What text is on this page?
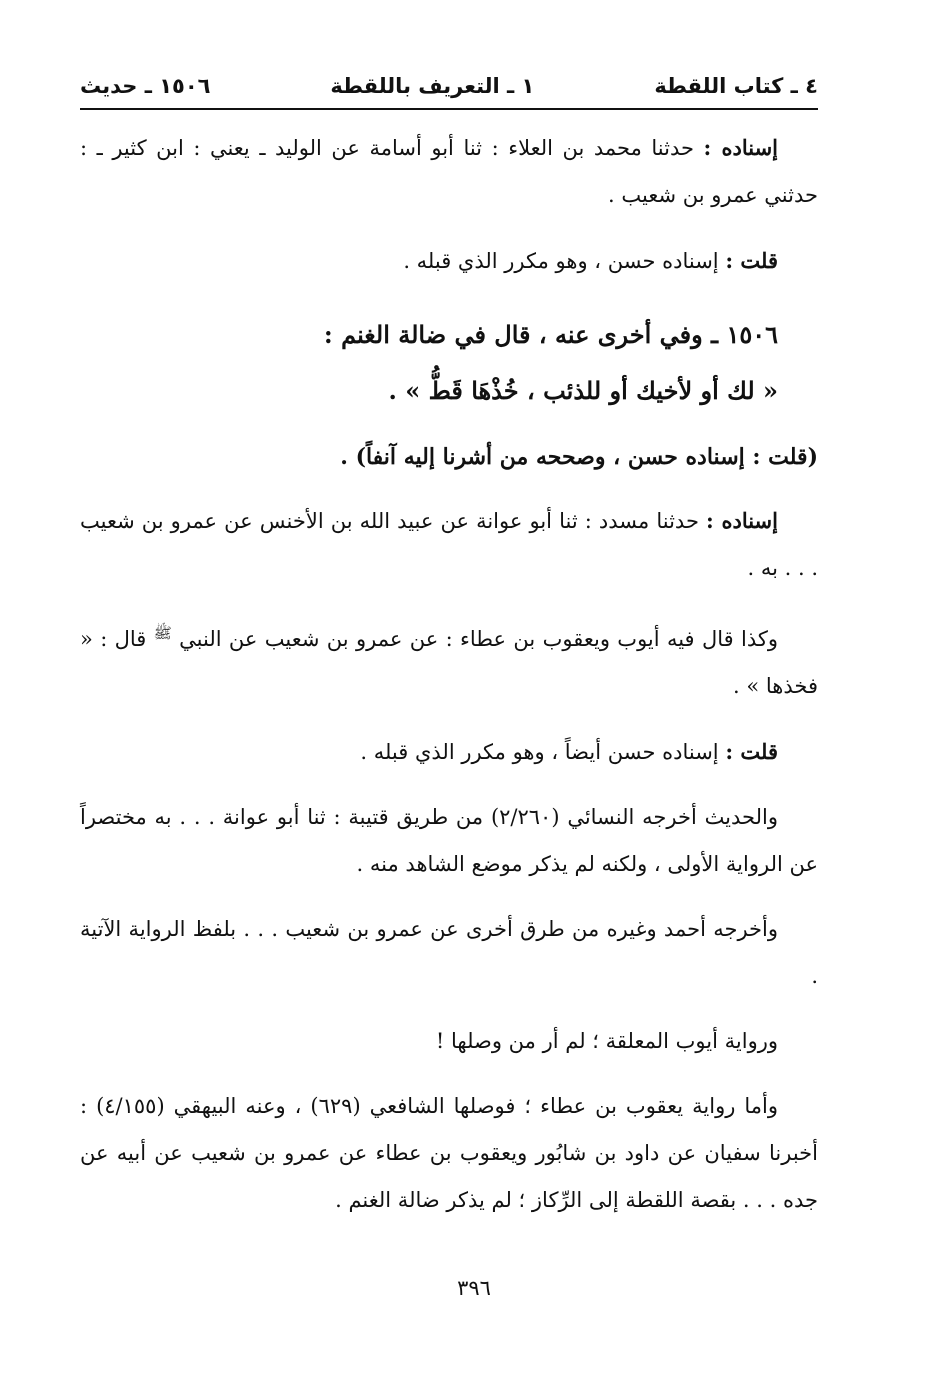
٤ ـ كتاب اللقطة
١ ـ التعريف باللقطة
١٥٠٦ ـ حديث

إسناده : حدثنا محمد بن العلاء : ثنا أبو أسامة عن الوليد ـ يعني : ابن كثير ـ : حدثني عمرو بن شعيب .

قلت : إسناده حسن ، وهو مكرر الذي قبله .

١٥٠٦ ـ وفي أخرى عنه ، قال في ضالة الغنم :

« لك أو لأخيك أو للذئب ، خُذْهَا قَطُّ » .

(قلت : إسناده حسن ، وصححه من أشرنا إليه آنفاً) .

إسناده : حدثنا مسدد : ثنا أبو عوانة عن عبيد الله بن الأخنس عن عمرو بن شعيب . . . به .

وكذا قال فيه أيوب ويعقوب بن عطاء : عن عمرو بن شعيب عن النبي $^ﷺ$ قال : « فخذها » .

قلت : إسناده حسن أيضاً ، وهو مكرر الذي قبله .

والحديث أخرجه النسائي (٢/٢٦٠) من طريق قتيبة : ثنا أبو عوانة . . . به مختصراً عن الرواية الأولى ، ولكنه لم يذكر موضع الشاهد منه .

وأخرجه أحمد وغيره من طرق أخرى عن عمرو بن شعيب . . . بلفظ الرواية الآتية .

ورواية أيوب المعلقة ؛ لم أر من وصلها !

وأما رواية يعقوب بن عطاء ؛ فوصلها الشافعي (٦٢٩) ، وعنه البيهقي (٤/١٥٥) : أخبرنا سفيان عن داود بن شابُور ويعقوب بن عطاء عن عمرو بن شعيب عن أبيه عن جده . . . بقصة اللقطة إلى الرِّكاز ؛ لم يذكر ضالة الغنم .

٣٩٦
